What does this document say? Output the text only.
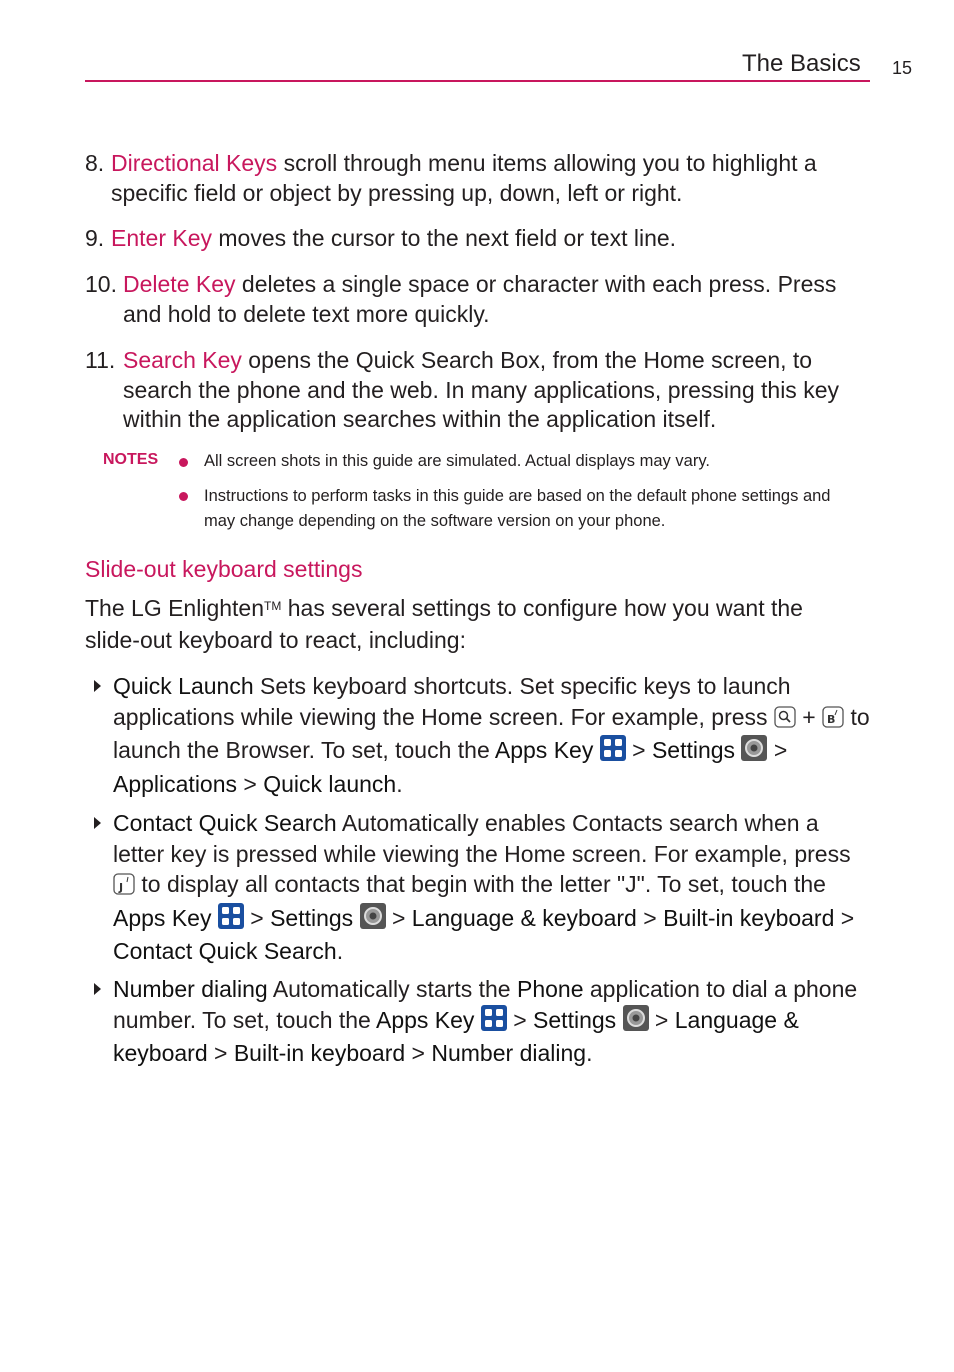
The Basics 15
8. Directional Keys scroll through menu items allowing you to highlight a specific field or object by pressing up, down, left or right.
9. Enter Key moves the cursor to the next field or text line.
10. Delete Key deletes a single space or character with each press. Press and hold to delete text more quickly.
11. Search Key opens the Quick Search Box, from the Home screen, to search the phone and the web. In many applications, pressing this key within the application searches within the application itself.
NOTES	All screen shots in this guide are simulated. Actual displays may vary.
Instructions to perform tasks in this guide are based on the default phone settings and may change depending on the software version on your phone.
Slide-out keyboard settings
The LG Enlighten™ has several settings to configure how you want the slide-out keyboard to react, including:
Quick Launch Sets keyboard shortcuts. Set specific keys to launch applications while viewing the Home screen. For example, press  + B to launch the Browser. To set, touch the Apps Key  > Settings  > Applications > Quick launch.
Contact Quick Search Automatically enables Contacts search when a letter key is pressed while viewing the Home screen. For example, press
J to display all contacts that begin with the letter "J". To set, touch the Apps Key  > Settings  > Language & keyboard > Built-in keyboard > Contact Quick Search.
Number dialing Automatically starts the Phone application to dial a phone number. To set, touch the Apps Key  > Settings  > Language & keyboard > Built-in keyboard > Number dialing.
